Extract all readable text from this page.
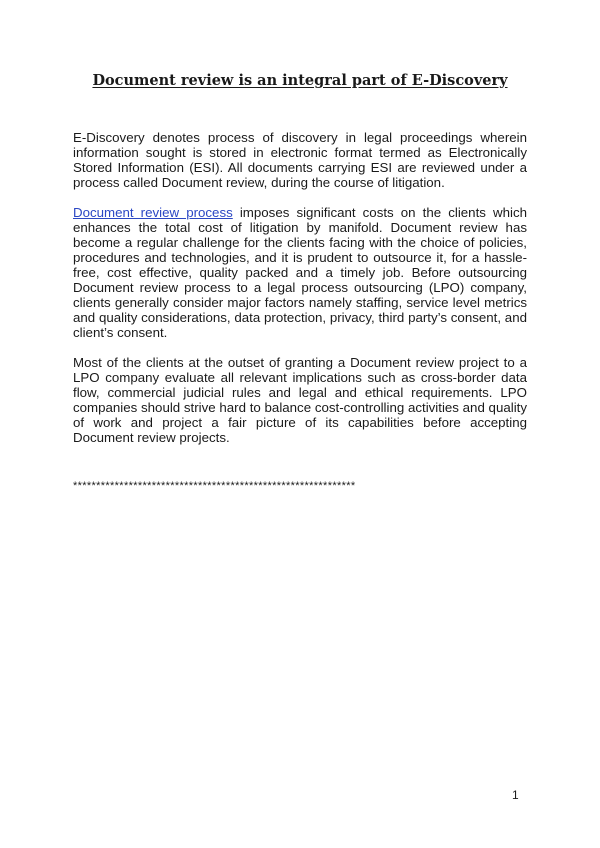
Document review is an integral part of E-Discovery

E-Discovery denotes process of discovery in legal proceedings wherein information sought is stored in electronic format termed as Electronically Stored Information (ESI). All documents carrying ESI are reviewed under a process called Document review, during the course of litigation.

Document review process imposes significant costs on the clients which enhances the total cost of litigation by manifold. Document review has become a regular challenge for the clients facing with the choice of policies, procedures and technologies, and it is prudent to outsource it, for a hassle-free, cost effective, quality packed and a timely job. Before outsourcing Document review process to a legal process outsourcing (LPO) company, clients generally consider major factors namely staffing, service level metrics and quality considerations, data protection, privacy, third party’s consent, and client’s consent.

Most of the clients at the outset of granting a Document review project to a LPO company evaluate all relevant implications such as cross-border data flow, commercial judicial rules and legal and ethical requirements. LPO companies should strive hard to balance cost-controlling activities and quality of work and project a fair picture of its capabilities before accepting Document review projects.

*************************************************************
1
